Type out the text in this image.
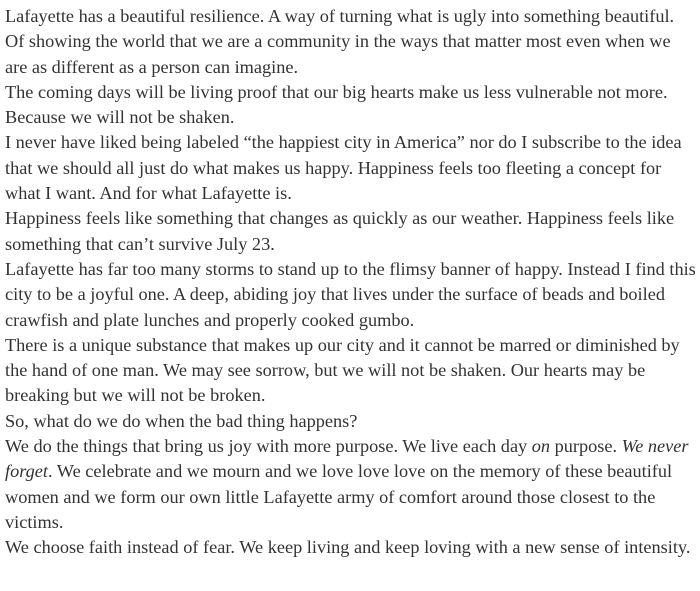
Lafayette has a beautiful resilience. A way of turning what is ugly into something beautiful. Of showing the world that we are a community in the ways that matter most even when we are as different as a person can imagine.

The coming days will be living proof that our big hearts make us less vulnerable not more.

Because we will not be shaken.

I never have liked being labeled “the happiest city in America” nor do I subscribe to the idea that we should all just do what makes us happy. Happiness feels too fleeting a concept for what I want. And for what Lafayette is.

Happiness feels like something that changes as quickly as our weather. Happiness feels like something that can’t survive July 23.

Lafayette has far too many storms to stand up to the flimsy banner of happy. Instead I find this city to be a joyful one. A deep, abiding joy that lives under the surface of beads and boiled crawfish and plate lunches and properly cooked gumbo.

There is a unique substance that makes up our city and it cannot be marred or diminished by the hand of one man. We may see sorrow, but we will not be shaken. Our hearts may be breaking but we will not be broken.

So, what do we do when the bad thing happens?

We do the things that bring us joy with more purpose. We live each day on purpose. We never forget. We celebrate and we mourn and we love love love on the memory of these beautiful women and we form our own little Lafayette army of comfort around those closest to the victims.

We choose faith instead of fear. We keep living and keep loving with a new sense of intensity.
